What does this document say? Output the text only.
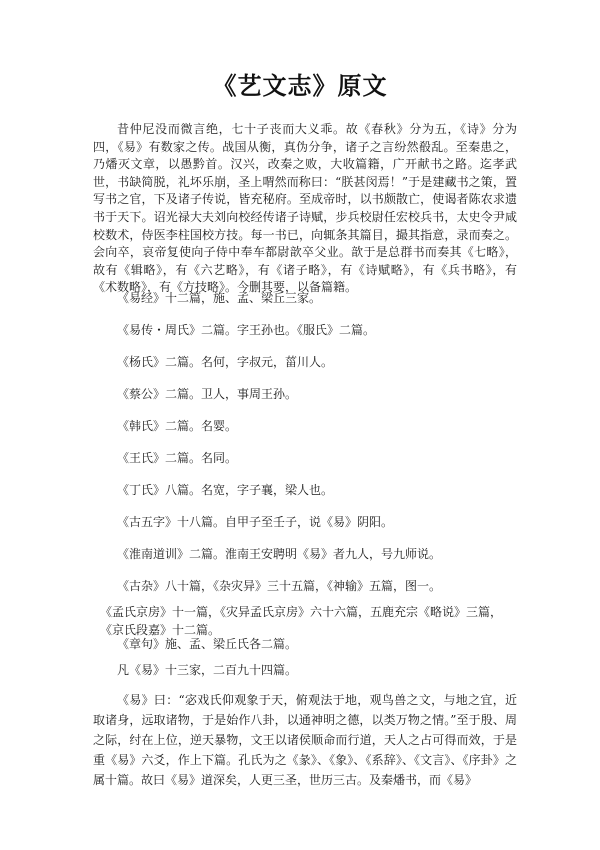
《艺文志》原文

昔仲尼没而微言绝，七十子丧而大义乖。故《春秋》分为五，《诗》分为四，《易》有数家之传。战国从衡，真伪分争，诸子之言纷然殽乱。至秦患之，乃燔灭文章，以愚黔首。汉兴，改秦之败，大收篇籍，广开献书之路。迄孝武世，书缺简脱，礼坏乐崩，圣上喟然而称曰：“朕甚闵焉！”于是建藏书之策，置写书之官，下及诸子传说，皆充秘府。至成帝时，以书颇散亡，使谒者陈农求遗书于天下。诏光禄大夫刘向校经传诸子诗赋，步兵校尉任宏校兵书，太史令尹咸校数术，侍医李柱国校方技。每一书已，向辄条其篇目，撮其指意，录而奏之。会向卒，哀帝复使向子侍中奉车都尉歆卒父业。歆于是总群书而奏其《七略》，故有《辑略》，有《六艺略》，有《诸子略》，有《诗赋略》，有《兵书略》，有《术数略》，有《方技略》。今删其要，以备篇籍。

《易经》十二篇，施、孟、梁丘三家。

《易传・周氏》二篇。字王孙也。《服氏》二篇。

《杨氏》二篇。名何，字叔元，菑川人。

《蔡公》二篇。卫人，事周王孙。

《韩氏》二篇。名婴。

《王氏》二篇。名同。

《丁氏》八篇。名宽，字子襄，梁人也。

《古五字》十八篇。自甲子至壬子，说《易》阴阳。

《淮南道训》二篇。淮南王安聘明《易》者九人，号九师说。

《古杂》八十篇，《杂灾异》三十五篇，《神输》五篇，图一。

《孟氏京房》十一篇，《灾异孟氏京房》六十六篇，五鹿充宗《略说》三篇，《京氏段嘉》十二篇。

《章句》施、孟、梁丘氏各二篇。

凡《易》十三家，二百九十四篇。

《易》曰：“宓戏氏仰观象于天，俯观法于地，观鸟兽之文，与地之宜，近取诸身，远取诸物，于是始作八卦，以通神明之德，以类万物之情。”至于殷、周之际，纣在上位，逆天暴物，文王以诸侯顺命而行道，天人之占可得而效，于是重《易》六爻，作上下篇。孔氏为之《彖》、《象》、《系辞》、《文言》、《序卦》之属十篇。故曰《易》道深矣，人更三圣，世历三古。及秦燔书，而《易》
